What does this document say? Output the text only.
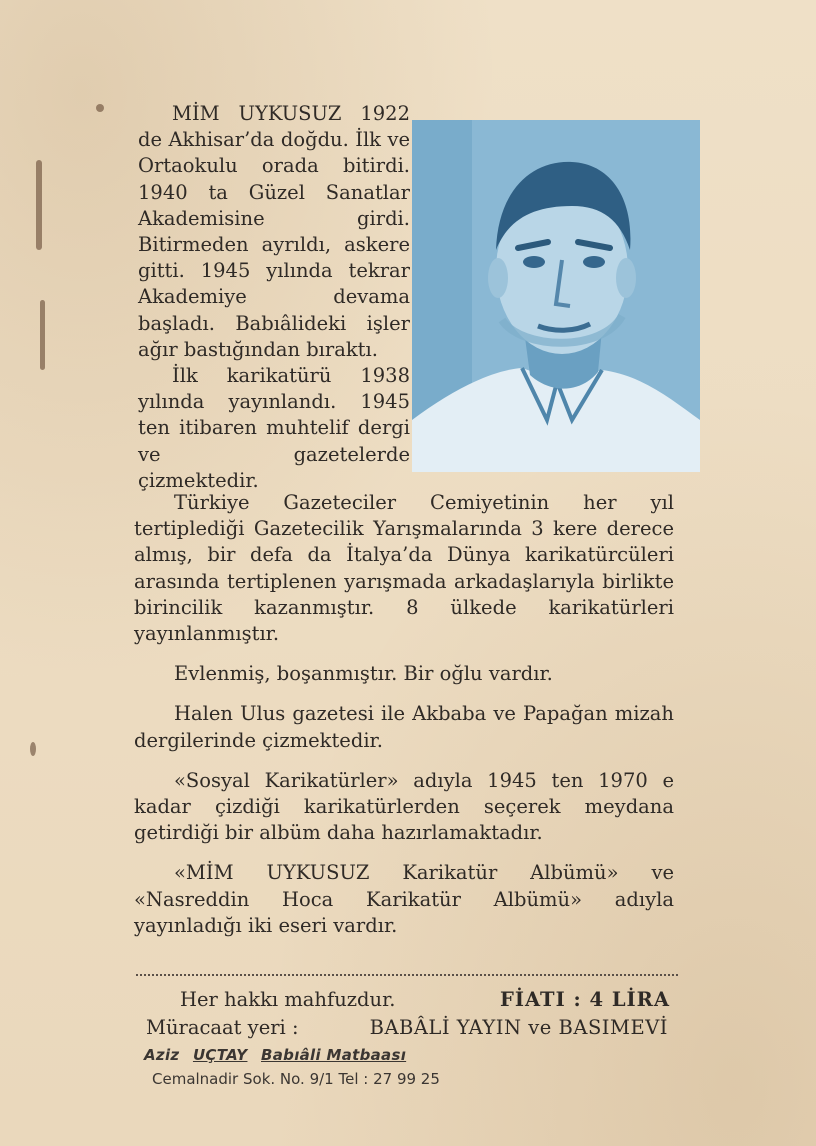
MİM UYKUSUZ 1922 de Akhisar’da doğdu. İlk ve Ortaokulu orada bitirdi. 1940 ta Güzel Sanatlar Akademisine girdi. Bitirmeden ayrıldı, askere gitti. 1945 yılında tekrar Akademiye devama başladı. Babıâlideki işler ağır bastığından bıraktı.

İlk karikatürü 1938 yılında yayınlandı. 1945 ten itibaren muhtelif dergi ve gazetelerde çizmektedir.

Türkiye Gazeteciler Cemiyetinin her yıl tertiplediği Gazetecilik Yarışmalarında 3 kere derece almış, bir defa da İtalya’da Dünya karikatürcüleri arasında tertiplenen yarışmada arkadaşlarıyla birlikte birincilik kazanmıştır. 8 ülkede karikatürleri yayınlanmıştır.

Evlenmiş, boşanmıştır. Bir oğlu vardır.

Halen Ulus gazetesi ile Akbaba ve Papağan mizah dergilerinde çizmektedir.

«Sosyal Karikatürler» adıyla 1945 ten 1970 e kadar çizdiği karikatürlerden seçerek meydana getirdiği bir albüm daha hazırlamaktadır.

«MİM UYKUSUZ Karikatür Albümü» ve «Nasreddin Hoca Karikatür Albümü» adıyla yayınladığı iki eseri vardır.

Her hakkı mahfuzdur.	FİATI : 4 LİRA
Müracaat yeri :	BABÂLİ YAYIN ve BASIMEVİ
Aziz UÇTAY Babıâli Matbaası
Cemalnadir Sok. No. 9/1 Tel : 27 99 25
